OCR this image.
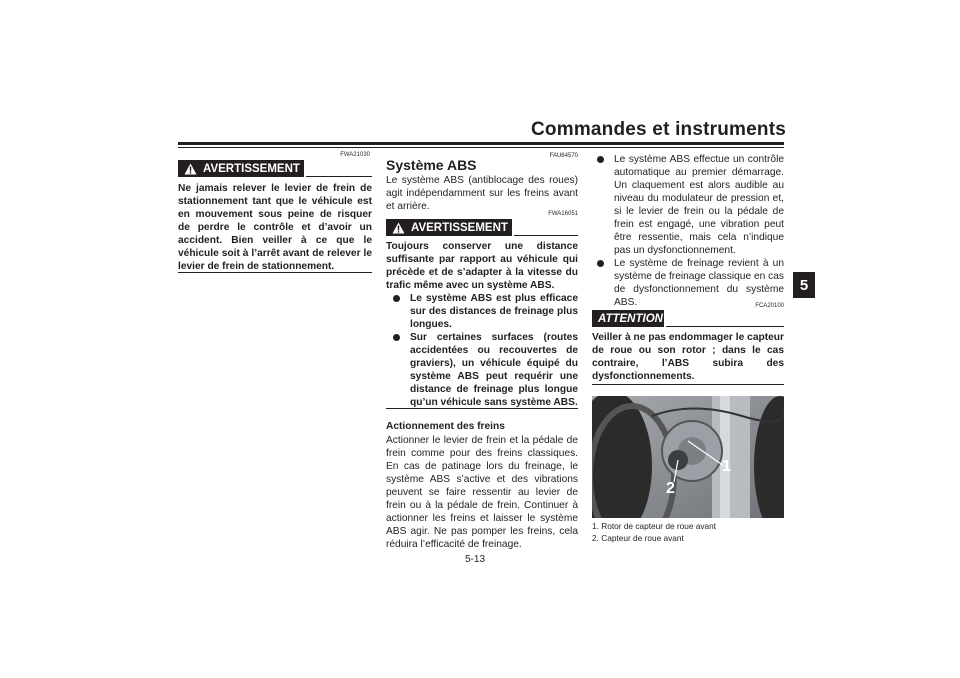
Commandes et instruments
5
FWA21030
AVERTISSEMENT
Ne jamais relever le levier de frein de stationnement tant que le véhicule est en mouvement sous peine de risquer de perdre le contrôle et d’avoir un accident. Bien veiller à ce que le véhicule soit à l’arrêt avant de relever le levier de frein de stationnement.
FAU64570
Système ABS
Le système ABS (antiblocage des roues) agit indépendamment sur les freins avant et arrière.
FWA16051
AVERTISSEMENT
Toujours conserver une distance suffisante par rapport au véhicule qui précède et de s’adapter à la vitesse du trafic même avec un système ABS.
Le système ABS est plus efficace sur des distances de freinage plus longues.
Sur certaines surfaces (routes accidentées ou recouvertes de graviers), un véhicule équipé du système ABS peut requérir une distance de freinage plus longue qu’un véhicule sans système ABS.
Actionnement des freins
Actionner le levier de frein et la pédale de frein comme pour des freins classiques. En cas de patinage lors du freinage, le système ABS s’active et des vibrations peuvent se faire ressentir au levier de frein ou à la pédale de frein. Continuer à actionner les freins et laisser le système ABS agir. Ne pas pomper les freins, cela réduira l’efficacité de freinage.
Le système ABS effectue un contrôle automatique au premier démarrage. Un claquement est alors audible au niveau du modulateur de pression et, si le levier de frein ou la pédale de frein est engagé, une vibration peut être ressentie, mais cela n’indique pas un dysfonctionnement.
Le système de freinage revient à un système de freinage classique en cas de dysfonctionnement du système ABS.
ATTENTION
FCA20100
Veiller à ne pas endommager le capteur de roue ou son rotor ; dans le cas contraire, l’ABS subira des dysfonctionnements.
1
2
1. Rotor de capteur de roue avant
2. Capteur de roue avant
5-13
